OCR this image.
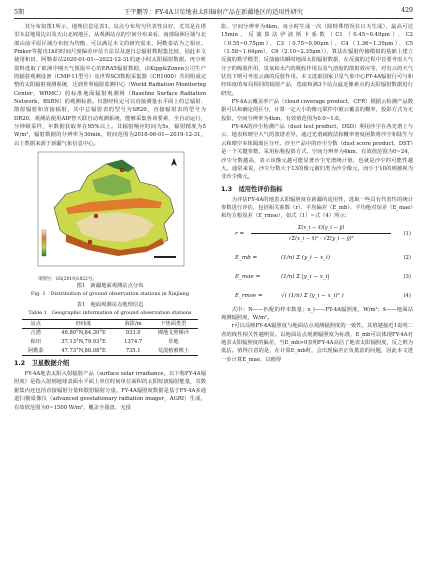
5期	王宇鹏等：FY-4A卫星地表太阳辐射产品在新疆地区的适用性研究	429

其分布如图1所示，地理信息见表1。站点分布均匀代表性良好，尤其是在塔里木盆地周边以及天山北坡地区，从观测站点的空间分布来看，南部绿洲区域与北部山前平原区域分布较为均衡，可以满足本文的研究需求，阿勒泰站为之相应。Pinker等提出1h的时间尺度偏差评估方法以及逐日总辐射数据集比较，因此本文使用和田、阿勒泰站2020-01-01—2022-12-31的逐小时太阳辐射数据。再分析资料选取了欧洲中期天气预报中心的ERA5辐射数据，由Kipp&Zonen公司生产的辐射观测设备（CMP-11型号）及世界SCI数据采集器（CR1000）共同组成完整的太阳辐射观测系统，达到世界辐射监测中心（World Radiation Monitoring Center，WRMC）的标准地面辐射观测网（Baseline Surface Radiation Network，BSRN）的观测标准。仪器经检定可以直接测量水平面上的总辐射、散射辐射和直接辐射，其中总辐射表的型号为SR20，直接辐射表的型号为DR20。观测站使用AIP智天联自动观测系统，能够采集各项要素，全自动运行，分钟级采样，年数据获取率在95%以上。其辐射响应时间为5s，辐射精度为5 W/m²，辐射数据的分辨率为30min，时间范围为2018-06-01—2019-12-31，以上数据来源于新疆气象信息中心。

审图号：GS(2019)1822号。
图1　新疆地面观测站点分布
Fig. 1　Distribution of ground observation stations in Xinjiang
表1　地面观测站点地理信息
Table 1　Geographic information of ground observation stations
站点	经纬度	海拔/m	下垫面类型
吉潜	40.80°N,84.30°E	933.0	裸地戈壁裸沙
和田	37.13°N,79.93°E	1374.7	草地
阿勒泰	47.73°N,88.08°E	735.1	荒漠植被裸土
1.2　卫星数据介绍

FY-4A地表太阳入射辐射产品（surface solar irradiance，以下称FY-4A辐照度）是指入射到地球表面水平面上单位时间单位面积的太阳短波辐射能量，其数据集内还包括直接辐射分量和散射辐射分量。FY-4A辐照度数据是基于FY-4A多通道扫描成像仪（advanced geostationary radiation imager，AGRI）生成，有效值范围为0~1500 W/m²，覆盖全圆盘，无投

影，空间分辨率为4km，每小时生成一次（除特殊情况在白天生成），最高可达15min，反演算法伊波斯卡系数（C1（0.45~0.49μm）、C2（0.55~0.75μm）、C3（0.75~0.90μm）、C4（1.36~1.39μm）、C5（1.58~1.64μm）、C6（2.10~2.35μm）），算法在辐射传输模拟的基础上建立反演的数学模型，反演输出瞬时地面太阳辐射数据，在反演的过程中首要考虑大气分子的吸收作用，臭氧和水汽的吸收作用以及气溶胶的散射效应等，对有云的天气状况下则可考虑云滴的反射作用。本文选取国家卫星气象中心FY-4A辐射行可与和经纬度的布局相同的辐射产品，选取和满3个站点最近像素点的太阳辐射数据进行研究。

FY-4A云覆盖率产品（cloud coverage product，CFR）根据云检测产品数据可以和确定的区分，计算一定大小的像元联件中被云覆盖的概率，投影方式为无投影，空间分辨率为4km，有效值范围为0.0~1.0。

FY-4A的沙尘检测产品（dust test product，DSD）利用沙尘在各光谱上与云、地表和晴空大气的波谱差异，通过光谱阈值法和概率密度函数将沙尘和陆生与云和晴空本体隔离区分开。沙尘产品中的沙尘分数（dust score product，DST）是一个关键参数，采用标称投影方式，空间分辨率为4km，有效值范围为0~24，沙尘分数越高，表示该像元越可能显著沙尘光谱统计值，也就是沙尘的可能性越大。通常来说，沙尘分数大于13的像元被归类为沙尘像元，而小于10的则被视为非沙尘像元。

1.3　适用性评价指标

为评估FY-4A的地表太阳辐照度在新疆的适用性，选取一些具有代表性的统计参数进行评估，包括相关系数（r）、平均偏差（E_mb）、平均绝对误差（E_mae）和均方根误差（E_rmse），如式（1）~式（4）所示：

r =
Σ(x_i − x̄)(y_i − ȳ)
√Σ(x_i − x̄)² · √Σ(y_i − ȳ)²
(1)
E_mb =	(1/n) Σ (y_i − x_i)	(2)
E_mae =	(1/n) Σ |y_i − x_i|	(3)
E_rmse =	√( (1/n) Σ (y_i − x_i)² )	(4)

式中：N——匹配的样本数量；x_i——FY-4A辐照度，W/m²；x̄——地面站观测辐照度，W/m²。

r可以反映FY-4A辐照度与地面站点观测辐照度的一致性，其值越接近1说明二者的线性相关性越明显。以地面站点观测辐照度为标准，E_mb可以体现FY-4A对地表太阳辐照度的偏差，当E_mb>0表明FY-4A高估了地表太阳辐照度，反之则为低估。值得注意的是，在计算E_mb时，会出现偏差正负抵消的问题，因此本文进一步计算E_mae，以便得
